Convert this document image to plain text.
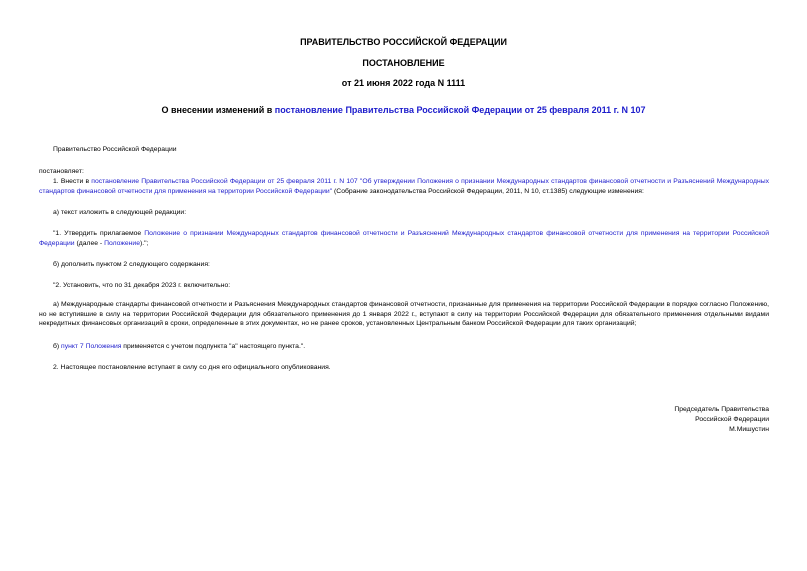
ПРАВИТЕЛЬСТВО РОССИЙСКОЙ ФЕДЕРАЦИИ
ПОСТАНОВЛЕНИЕ
от 21 июня 2022 года N 1111
О внесении изменений в постановление Правительства Российской Федерации от 25 февраля 2011 г. N 107
Правительство Российской Федерации
постановляет:
1. Внести в постановление Правительства Российской Федерации от 25 февраля 2011 г. N 107 "Об утверждении Положения о признании Международных стандартов финансовой отчетности и Разъяснений Международных стандартов финансовой отчетности для применения на территории Российской Федерации" (Собрание законодательства Российской Федерации, 2011, N 10, ст.1385) следующие изменения:
а) текст изложить в следующей редакции:
"1. Утвердить прилагаемое Положение о признании Международных стандартов финансовой отчетности и Разъяснений Международных стандартов финансовой отчетности для применения на территории Российской Федерации (далее - Положение).";
б) дополнить пунктом 2 следующего содержания:
"2. Установить, что по 31 декабря 2023 г. включительно:
а) Международные стандарты финансовой отчетности и Разъяснения Международных стандартов финансовой отчетности, признанные для применения на территории Российской Федерации в порядке согласно Положению, но не вступившие в силу на территории Российской Федерации для обязательного применения до 1 января 2022 г., вступают в силу на территории Российской Федерации для обязательного применения отдельными видами некредитных финансовых организаций в сроки, определенные в этих документах, но не ранее сроков, установленных Центральным банком Российской Федерации для таких организаций;
б) пункт 7 Положения применяется с учетом подпункта "а" настоящего пункта.".
2. Настоящее постановление вступает в силу со дня его официального опубликования.
Председатель Правительства
Российской Федерации
М.Мишустин
